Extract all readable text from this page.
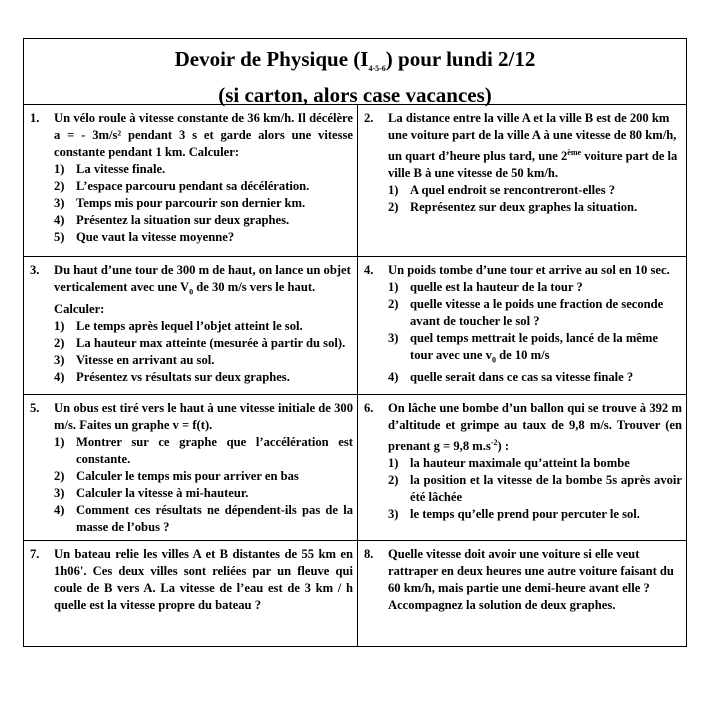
Devoir de Physique $(I_{4-5-6})$ pour lundi 2/12
(si carton, alors case vacances)
1.	Un vélo roule à vitesse constante de 36 km/h. Il décélère a = - 3m/s² pendant 3 s et garde alors une vitesse constante pendant 1 km. Calculer:
1) La vitesse finale.
2) L’espace parcouru pendant sa décélération.
3) Temps mis pour parcourir son dernier km.
4) Présentez la situation sur deux graphes.
5) Que vaut la vitesse moyenne?
2.	La distance entre la ville A et la ville B est de 200 km une voiture part de la ville A à une vitesse de 80 km/h, un quart d’heure plus tard, une 2ème voiture part de la ville B à une vitesse de 50 km/h.
1) A quel endroit se rencontreront-elles ?
2) Représentez sur deux graphes la situation.
3.	Du haut d’une tour de 300 m de haut, on lance un objet verticalement avec une $V_0$ de 30 m/s vers le haut. Calculer:
1) Le temps après lequel l’objet atteint le sol.
2) La hauteur max atteinte (mesurée à partir du sol).
3) Vitesse en arrivant au sol.
4) Présentez vs résultats sur deux graphes.
4.	Un poids tombe d’une tour et arrive au sol en 10 sec.
1) quelle est la hauteur de la tour ?
2) quelle vitesse a le poids une fraction de seconde avant de toucher le sol ?
3) quel temps mettrait le poids, lancé de la même tour avec une $v_0$ de 10 m/s
4) quelle serait dans ce cas sa vitesse finale ?
5.	Un obus est tiré vers le haut à une vitesse initiale de 300 m/s. Faites un graphe v = f(t).
1) Montrer sur ce graphe que l’accélération est constante.
2) Calculer le temps mis pour arriver en bas
3) Calculer la vitesse à mi-hauteur.
4) Comment ces résultats ne dépendent-ils pas de la masse de l’obus ?
6.	On lâche une bombe d’un ballon qui se trouve à 392 m d’altitude et grimpe au taux de 9,8 m/s. Trouver (en prenant g = 9,8 $m.s^{-2}$) :
1) la hauteur maximale qu’atteint la bombe
2) la position et la vitesse de la bombe 5s après avoir été lâchée
3) le temps qu’elle prend pour percuter le sol.
7.	Un bateau relie les villes A et B distantes de 55 km en 1h06'. Ces deux villes sont reliées par un fleuve qui coule de B vers A. La vitesse de l’eau est de 3 km / h quelle est la vitesse propre du bateau ?
8.	Quelle vitesse doit avoir une voiture si elle veut rattraper en deux heures une autre voiture faisant du 60 km/h, mais partie une demi-heure avant elle ? Accompagnez la solution de deux graphes.
